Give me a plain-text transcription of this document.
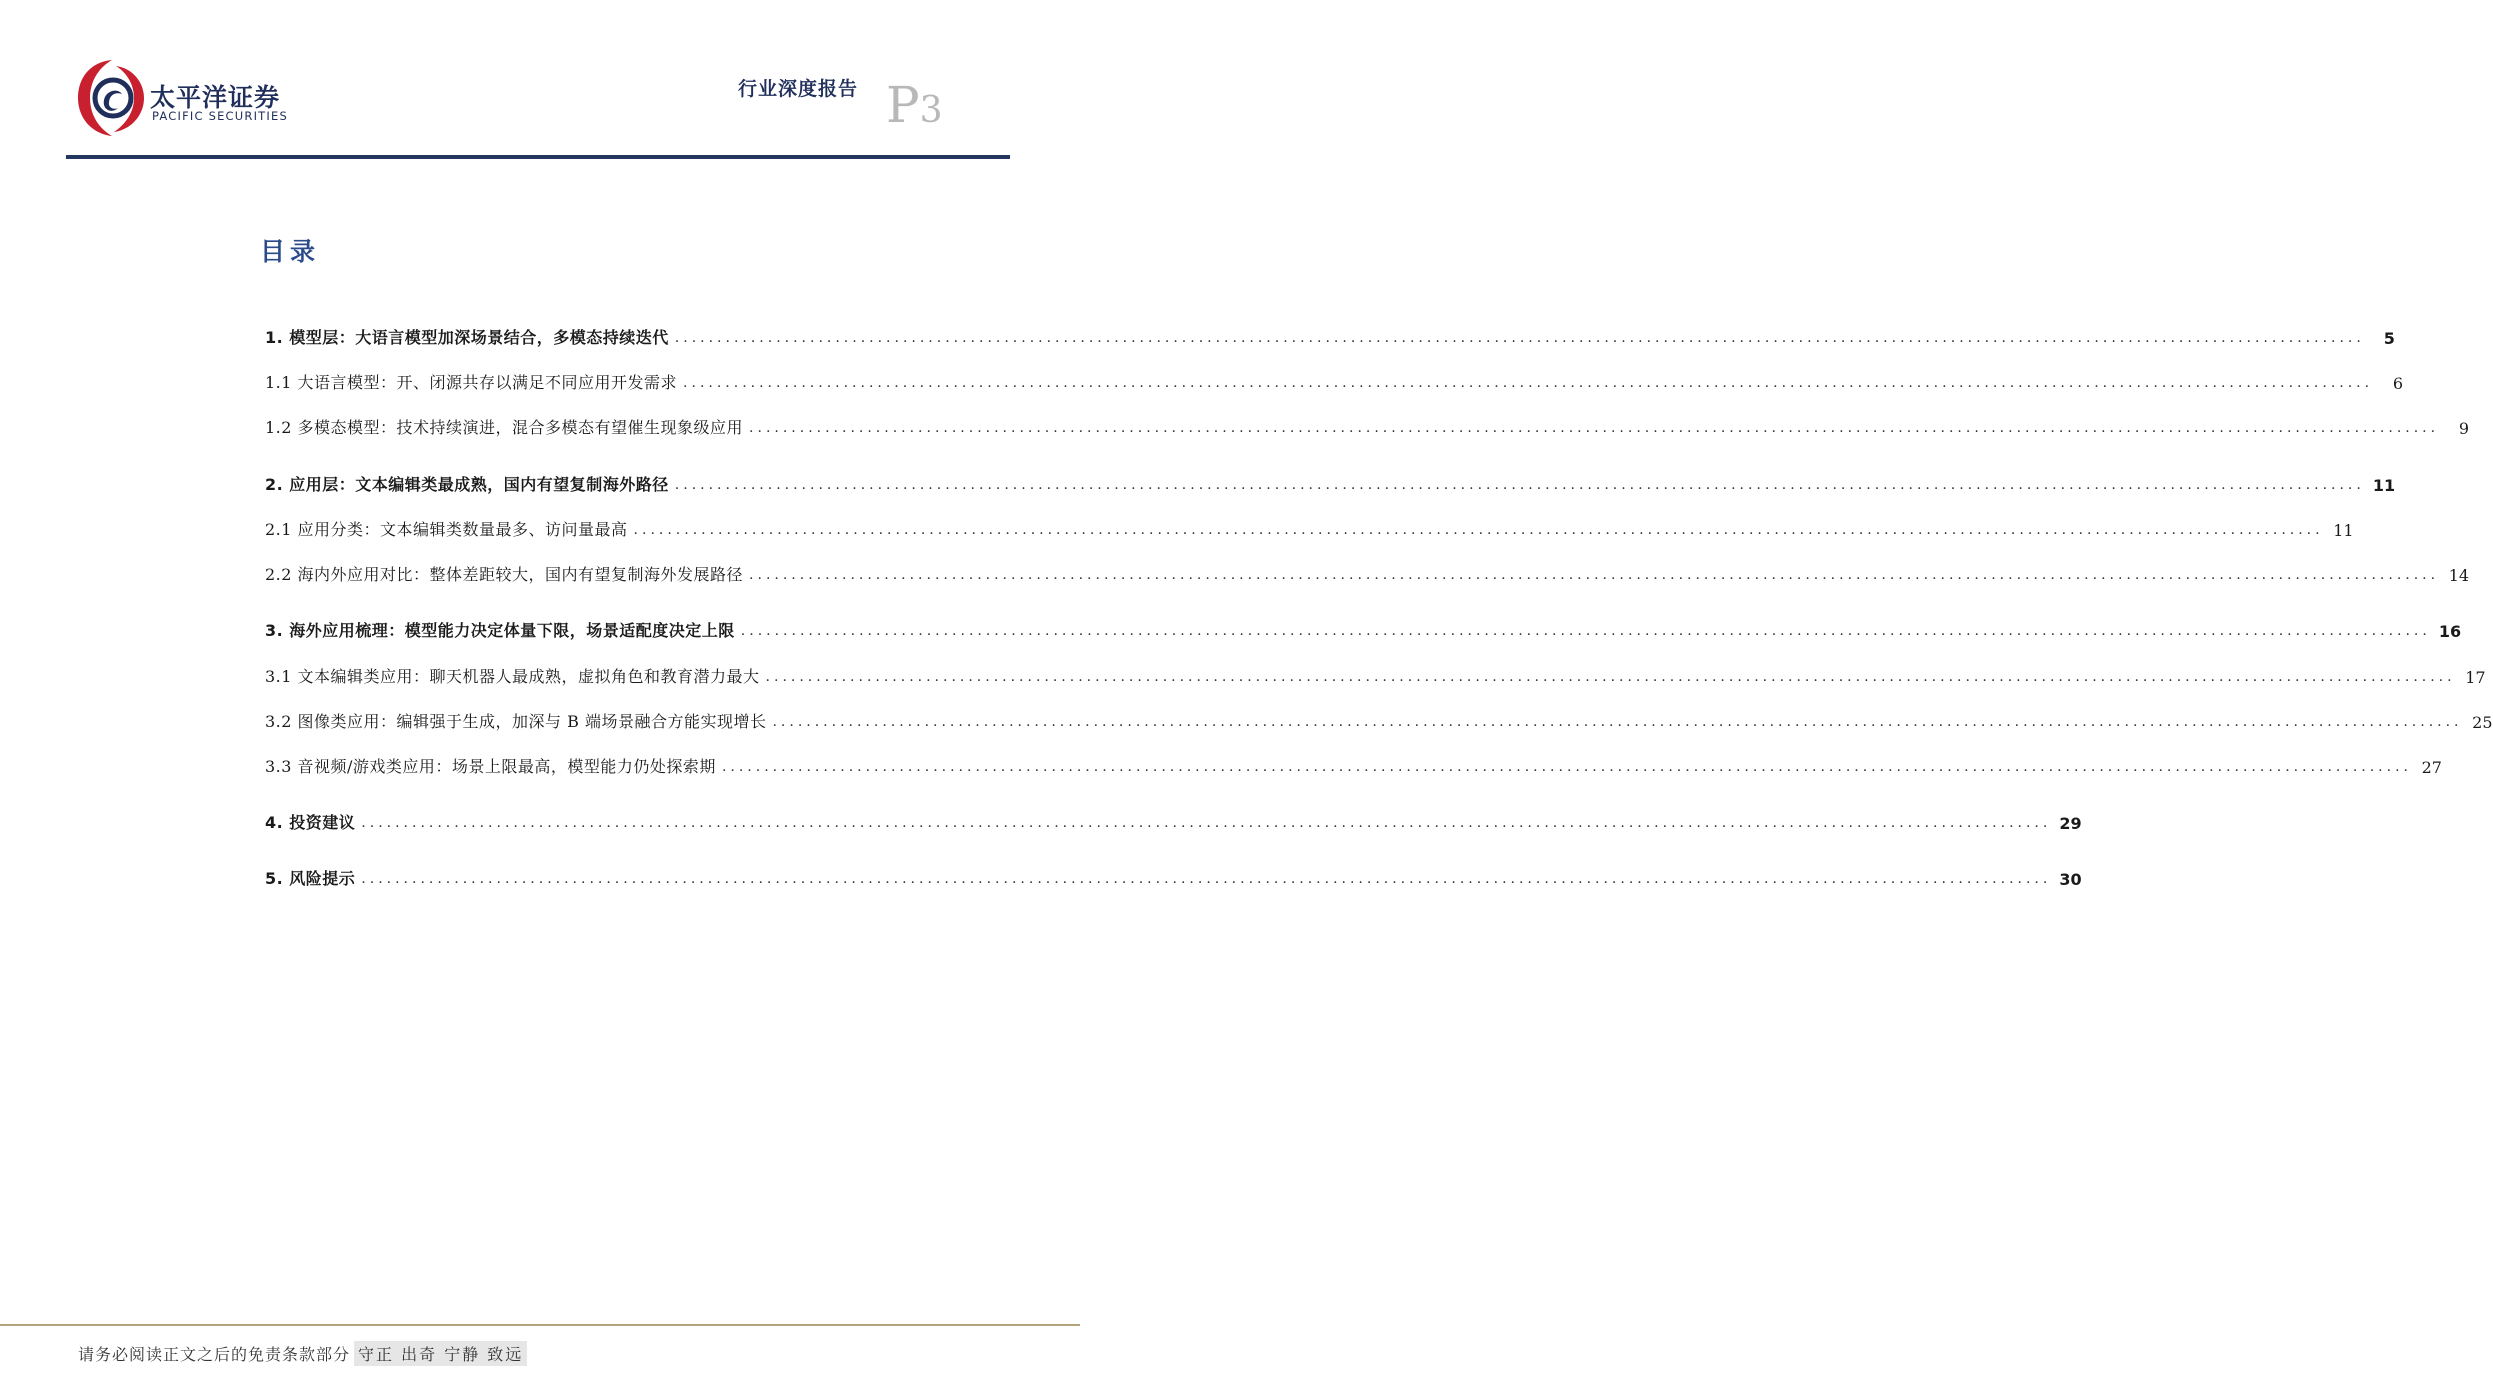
太平洋证券
PACIFIC SECURITIES
行业深度报告 P3
目录
1. 模型层：大语言模型加深场景结合，多模态持续迭代 ........................................................................................................................................................................................................	5
1.1 大语言模型：开、闭源共存以满足不同应用开发需求 ........................................................................................................................................................................................................	6
1.2 多模态模型：技术持续演进，混合多模态有望催生现象级应用 ........................................................................................................................................................................................................	9
2. 应用层：文本编辑类最成熟，国内有望复制海外路径 ........................................................................................................................................................................................................ 11
2.1 应用分类：文本编辑类数量最多、访问量最高 ........................................................................................................................................................................................................ 11
2.2 海内外应用对比：整体差距较大，国内有望复制海外发展路径 ........................................................................................................................................................................................................ 14
3. 海外应用梳理：模型能力决定体量下限，场景适配度决定上限 ........................................................................................................................................................................................................ 16
3.1 文本编辑类应用：聊天机器人最成熟，虚拟角色和教育潜力最大 ........................................................................................................................................................................................................ 17
3.2 图像类应用：编辑强于生成，加深与 B 端场景融合方能实现增长 ........................................................................................................................................................................................................ 25
3.3 音视频/游戏类应用：场景上限最高，模型能力仍处探索期 ........................................................................................................................................................................................................ 27
4. 投资建议 ........................................................................................................................................................................................................ 29
5. 风险提示 ........................................................................................................................................................................................................ 30
请务必阅读正文之后的免责条款部分 守正 出奇 宁静 致远
